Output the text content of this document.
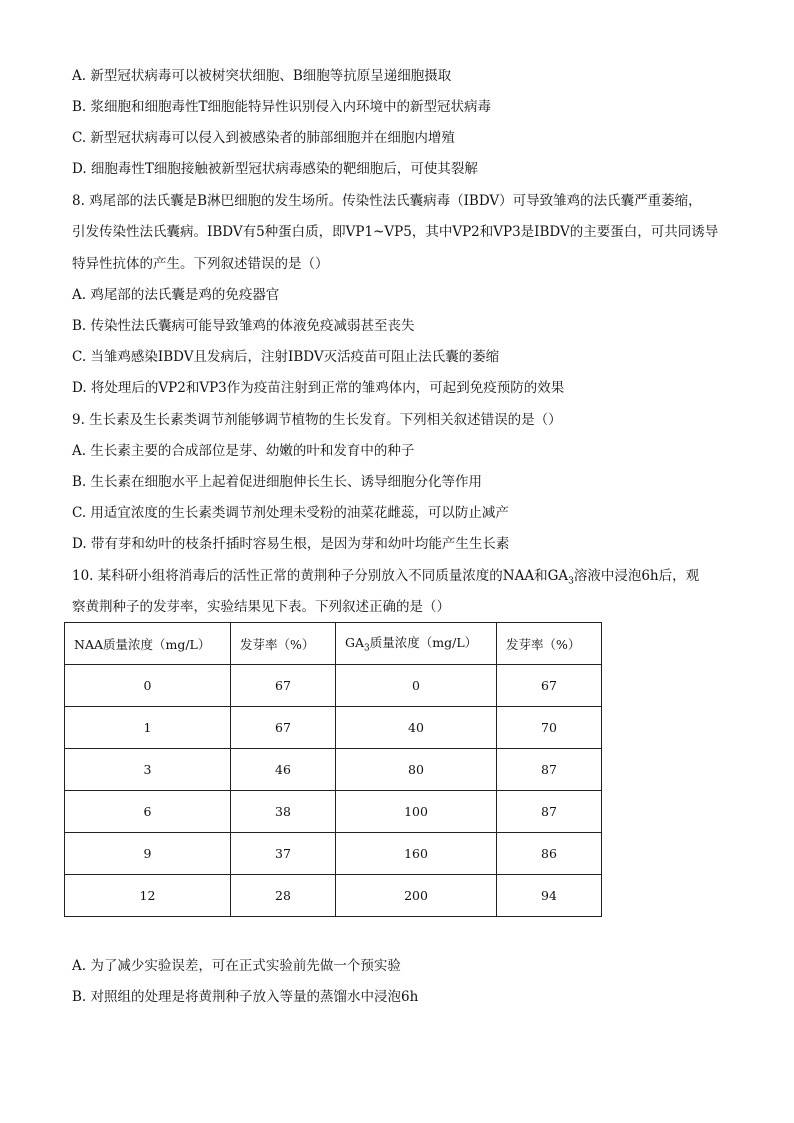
A. 新型冠状病毒可以被树突状细胞、B细胞等抗原呈递细胞摄取
B. 浆细胞和细胞毒性T细胞能特异性识别侵入内环境中的新型冠状病毒
C. 新型冠状病毒可以侵入到被感染者的肺部细胞并在细胞内增殖
D. 细胞毒性T细胞接触被新型冠状病毒感染的靶细胞后，可使其裂解
8. 鸡尾部的法氏囊是B淋巴细胞的发生场所。传染性法氏囊病毒（IBDV）可导致雏鸡的法氏囊严重萎缩，
引发传染性法氏囊病。IBDV有5种蛋白质，即VP1~VP5，其中VP2和VP3是IBDV的主要蛋白，可共同诱导
特异性抗体的产生。下列叙述错误的是（）
A. 鸡尾部的法氏囊是鸡的免疫器官
B. 传染性法氏囊病可能导致雏鸡的体液免疫减弱甚至丧失
C. 当雏鸡感染IBDV且发病后，注射IBDV灭活疫苗可阻止法氏囊的萎缩
D. 将处理后的VP2和VP3作为疫苗注射到正常的雏鸡体内，可起到免疫预防的效果
9. 生长素及生长素类调节剂能够调节植物的生长发育。下列相关叙述错误的是（）
A. 生长素主要的合成部位是芽、幼嫩的叶和发育中的种子
B. 生长素在细胞水平上起着促进细胞伸长生长、诱导细胞分化等作用
C. 用适宜浓度的生长素类调节剂处理未受粉的油菜花雌蕊，可以防止减产
D. 带有芽和幼叶的枝条扦插时容易生根，是因为芽和幼叶均能产生生长素
10. 某科研小组将消毒后的活性正常的黄荆种子分别放入不同质量浓度的NAA和$GA_3$溶液中浸泡6h后，观
察黄荆种子的发芽率，实验结果见下表。下列叙述正确的是（）
NAA质量浓度（mg/L）	发芽率（%）	$GA_3$质量浓度（mg/L）	发芽率（%）
0	67	0	67
1	67	40	70
3	46	80	87
6	38	100	87
9	37	160	86
12	28	200	94
A. 为了减少实验误差，可在正式实验前先做一个预实验
B. 对照组的处理是将黄荆种子放入等量的蒸馏水中浸泡6h
